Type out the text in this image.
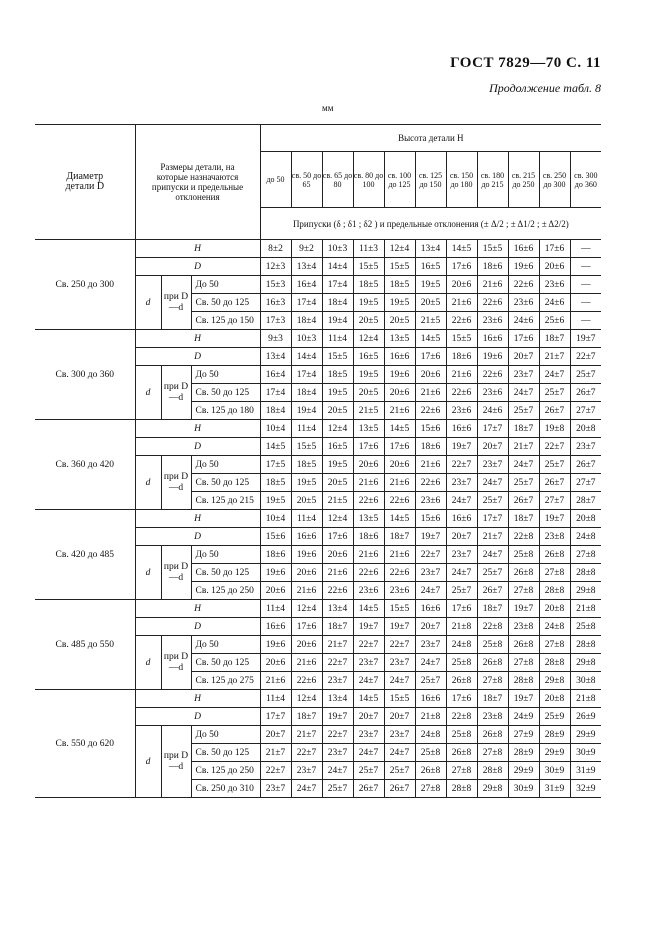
ГОСТ 7829—70 С. 11
Продолжение табл. 8
мм
Диаметр детали D	Размеры детали, на которые назначаются припуски и предельные отклонения			Высота детали Н										
				до 50	св. 50 до 65	св. 65 до 80	св. 80 до 100	св. 100 до 125	св. 125 до 150	св. 150 до 180	св. 180 до 215	св. 215 до 250	св. 250 до 300	св. 300 до 360
				Припуски (δ ; δ1 ; δ2 ) и предельные отклонения (± Δ/2 ; ± Δ1/2 ; ± Δ2/2)										
Св. 250 до 300	H			8±2	9±2	10±3	11±3	12±4	13±4	14±5	15±5	16±6	17±6	—
	D			12±3	13±4	14±4	15±5	15±5	16±5	17±6	18±6	19±6	20±6	—
	d	при D—d	До 50	15±3	16±4	17±4	18±5	18±5	19±5	20±6	21±6	22±6	23±6	—
			Св. 50 до 125	16±3	17±4	18±4	19±5	19±5	20±5	21±6	22±6	23±6	24±6	—
			Св. 125 до 150	17±3	18±4	19±4	20±5	20±5	21±5	22±6	23±6	24±6	25±6	—
Св. 300 до 360	H			9±3	10±3	11±4	12±4	13±5	14±5	15±5	16±6	17±6	18±7	19±7
	D			13±4	14±4	15±5	16±5	16±6	17±6	18±6	19±6	20±7	21±7	22±7
	d	при D—d	До 50	16±4	17±4	18±5	19±5	19±6	20±6	21±6	22±6	23±7	24±7	25±7
			Св. 50 до 125	17±4	18±4	19±5	20±5	20±6	21±6	22±6	23±6	24±7	25±7	26±7
			Св. 125 до 180	18±4	19±4	20±5	21±5	21±6	22±6	23±6	24±6	25±7	26±7	27±7
Св. 360 до 420	H			10±4	11±4	12±4	13±5	14±5	15±6	16±6	17±7	18±7	19±8	20±8
	D			14±5	15±5	16±5	17±6	17±6	18±6	19±7	20±7	21±7	22±7	23±7
	d	при D—d	До 50	17±5	18±5	19±5	20±6	20±6	21±6	22±7	23±7	24±7	25±7	26±7
			Св. 50 до 125	18±5	19±5	20±5	21±6	21±6	22±6	23±7	24±7	25±7	26±7	27±7
			Св. 125 до 215	19±5	20±5	21±5	22±6	22±6	23±6	24±7	25±7	26±7	27±7	28±7
Св. 420 до 485	H			10±4	11±4	12±4	13±5	14±5	15±6	16±6	17±7	18±7	19±7	20±8
	D			15±6	16±6	17±6	18±6	18±7	19±7	20±7	21±7	22±8	23±8	24±8
	d	при D—d	До 50	18±6	19±6	20±6	21±6	21±6	22±7	23±7	24±7	25±8	26±8	27±8
			Св. 50 до 125	19±6	20±6	21±6	22±6	22±6	23±7	24±7	25±7	26±8	27±8	28±8
			Св. 125 до 250	20±6	21±6	22±6	23±6	23±6	24±7	25±7	26±7	27±8	28±8	29±8
Св. 485 до 550	H			11±4	12±4	13±4	14±5	15±5	16±6	17±6	18±7	19±7	20±8	21±8
	D			16±6	17±6	18±7	19±7	19±7	20±7	21±8	22±8	23±8	24±8	25±8
	d	при D—d	До 50	19±6	20±6	21±7	22±7	22±7	23±7	24±8	25±8	26±8	27±8	28±8
			Св. 50 до 125	20±6	21±6	22±7	23±7	23±7	24±7	25±8	26±8	27±8	28±8	29±8
			Св. 125 до 275	21±6	22±6	23±7	24±7	24±7	25±7	26±8	27±8	28±8	29±8	30±8
Св. 550 до 620	H			11±4	12±4	13±4	14±5	15±5	16±6	17±6	18±7	19±7	20±8	21±8
	D			17±7	18±7	19±7	20±7	20±7	21±8	22±8	23±8	24±9	25±9	26±9
	d	при D—d	До 50	20±7	21±7	22±7	23±7	23±7	24±8	25±8	26±8	27±9	28±9	29±9
			Св. 50 до 125	21±7	22±7	23±7	24±7	24±7	25±8	26±8	27±8	28±9	29±9	30±9
			Св. 125 до 250	22±7	23±7	24±7	25±7	25±7	26±8	27±8	28±8	29±9	30±9	31±9
			Св. 250 до 310	23±7	24±7	25±7	26±7	26±7	27±8	28±8	29±8	30±9	31±9	32±9
